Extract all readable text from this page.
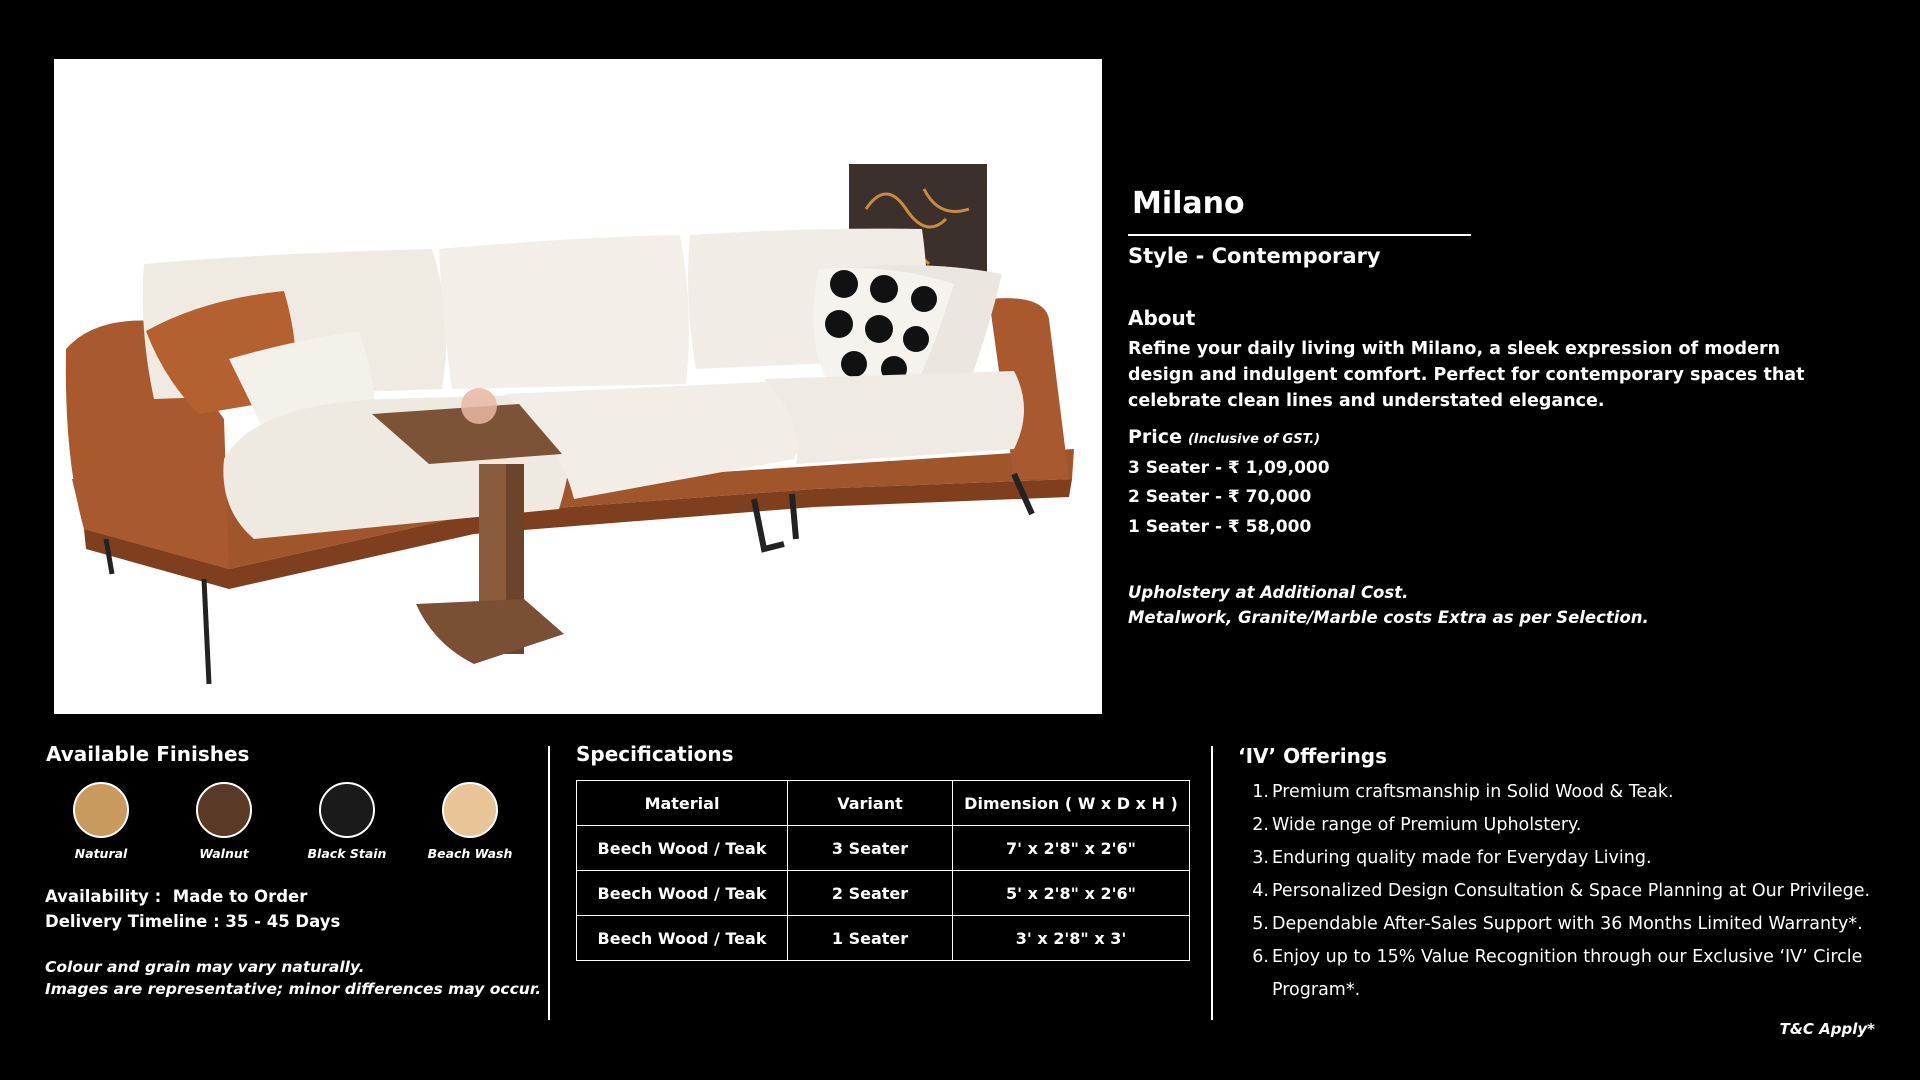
Milano
Style - Contemporary
About
Refine your daily living with Milano, a sleek expression of modern design and indulgent comfort. Perfect for contemporary spaces that celebrate clean lines and understated elegance.
Price (Inclusive of GST.)
3 Seater - ₹ 1,09,000
2 Seater - ₹ 70,000
1 Seater - ₹ 58,000
Upholstery at Additional Cost.
Metalwork, Granite/Marble costs Extra as per Selection.
Available Finishes
Natural	Walnut	Black Stain	Beach Wash
Availability :  Made to Order
Delivery Timeline : 35 - 45 Days
Colour and grain may vary naturally.
Images are representative; minor differences may occur.
Specifications
Material	Variant	Dimension ( W x D x H )
Beech Wood / Teak	3 Seater	7' x 2'8" x 2'6"
Beech Wood / Teak	2 Seater	5' x 2'8" x 2'6"
Beech Wood / Teak	1 Seater	3' x 2'8" x 3'
‘IV’ Offerings
1. Premium craftsmanship in Solid Wood & Teak.
2. Wide range of Premium Upholstery.
3. Enduring quality made for Everyday Living.
4. Personalized Design Consultation & Space Planning at Our Privilege.
5. Dependable After-Sales Support with 36 Months Limited Warranty*.
6. Enjoy up to 15% Value Recognition through our Exclusive ‘IV’ Circle Program*.
T&C Apply*
